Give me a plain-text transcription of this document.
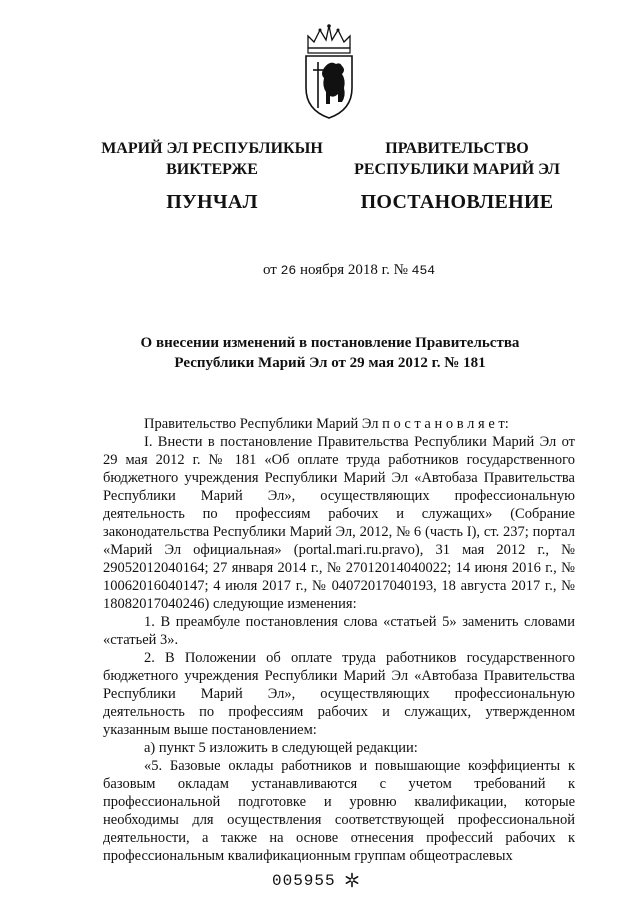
МАРИЙ ЭЛ РЕСПУБЛИКЫН
ВИКТЕРЖЕ
ПУНЧАЛ
ПРАВИТЕЛЬСТВО
РЕСПУБЛИКИ МАРИЙ ЭЛ
ПОСТАНОВЛЕНИЕ
от 26 ноября 2018 г. № 454
О внесении изменений в постановление Правительства
Республики Марий Эл от 29 мая 2012 г. № 181

Правительство Республики Марий Эл п о с т а н о в л я е т:

I. Внести в постановление Правительства Республики Марий Эл от 29 мая 2012 г. № 181 «Об оплате труда работников государственного бюджетного учреждения Республики Марий Эл «Автобаза Правительства Республики Марий Эл», осуществляющих профессиональную деятельность по профессиям рабочих и служащих» (Собрание законодательства Республики Марий Эл, 2012, № 6 (часть I), ст. 237; портал «Марий Эл официальная» (portal.mari.ru.pravo), 31 мая 2012 г., № 29052012040164; 27 января 2014 г., № 27012014040022; 14 июня 2016 г., № 10062016040147; 4 июля 2017 г., № 04072017040193, 18 августа 2017 г., № 18082017040246) следующие изменения:

1. В преамбуле постановления слова «статьей 5» заменить словами «статьей 3».

2. В Положении об оплате труда работников государственного бюджетного учреждения Республики Марий Эл «Автобаза Правительства Республики Марий Эл», осуществляющих профессиональную деятельность по профессиям рабочих и служащих, утвержденном указанным выше постановлением:

а) пункт 5 изложить в следующей редакции:

«5. Базовые оклады работников и повышающие коэффициенты к базовым окладам устанавливаются с учетом требований к профессиональной подготовке и уровню квалификации, которые необходимы для осуществления соответствующей профессиональной деятельности, а также на основе отнесения профессий рабочих к профессиональным квалификационным группам общеотраслевых

005955
